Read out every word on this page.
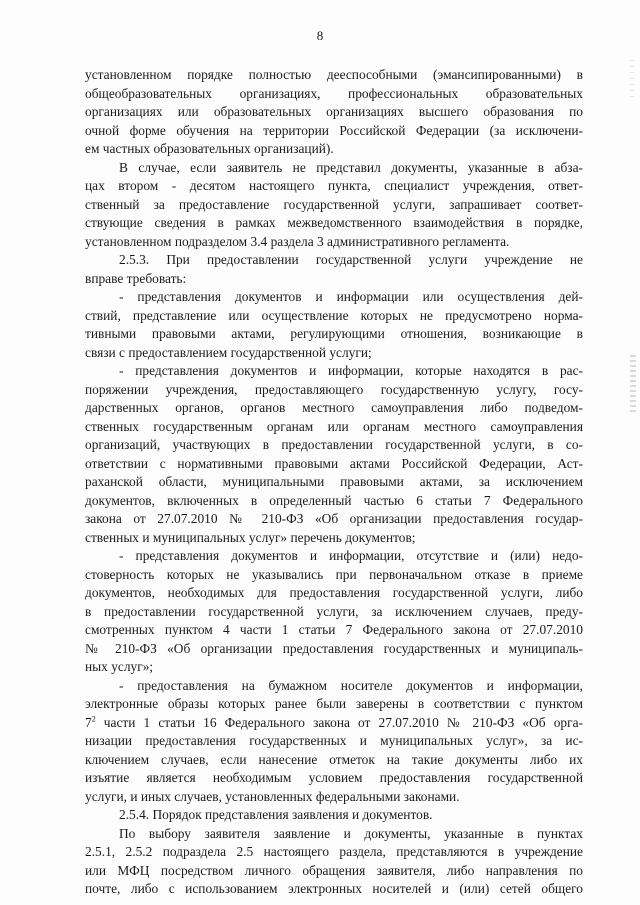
8
установленном порядке полностью дееспособными (эмансипированными) в
общеобразовательных организациях, профессиональных образовательных
организациях или образовательных организациях высшего образования по
очной форме обучения на территории Российской Федерации (за исключени-
ем частных образовательных организаций).
В случае, если заявитель не представил документы, указанные в абза-
цах втором - десятом настоящего пункта, специалист учреждения, ответ-
ственный за предоставление государственной услуги, запрашивает соответ-
ствующие сведения в рамках межведомственного взаимодействия в порядке,
установленном подразделом 3.4 раздела 3 административного регламента.
2.5.3. При предоставлении государственной услуги учреждение не
вправе требовать:
- представления документов и информации или осуществления дей-
ствий, представление или осуществление которых не предусмотрено норма-
тивными правовыми актами, регулирующими отношения, возникающие в
связи с предоставлением государственной услуги;
- представления документов и информации, которые находятся в рас-
поряжении учреждения, предоставляющего государственную услугу, госу-
дарственных органов, органов местного самоуправления либо подведом-
ственных государственным органам или органам местного самоуправления
организаций, участвующих в предоставлении государственной услуги, в со-
ответствии с нормативными правовыми актами Российской Федерации, Аст-
раханской области, муниципальными правовыми актами, за исключением
документов, включенных в определенный частью 6 статьи 7 Федерального
закона от 27.07.2010 № 210-ФЗ «Об организации предоставления государ-
ственных и муниципальных услуг» перечень документов;
- представления документов и информации, отсутствие и (или) недо-
стоверность которых не указывались при первоначальном отказе в приеме
документов, необходимых для предоставления государственной услуги, либо
в предоставлении государственной услуги, за исключением случаев, преду-
смотренных пунктом 4 части 1 статьи 7 Федерального закона от 27.07.2010
№ 210-ФЗ «Об организации предоставления государственных и муниципаль-
ных услуг»;
- предоставления на бумажном носителе документов и информации,
электронные образы которых ранее были заверены в соответствии с пунктом
$7^2$ части 1 статьи 16 Федерального закона от 27.07.2010 № 210-ФЗ «Об орга-
низации предоставления государственных и муниципальных услуг», за ис-
ключением случаев, если нанесение отметок на такие документы либо их
изъятие является необходимым условием предоставления государственной
услуги, и иных случаев, установленных федеральными законами.
2.5.4. Порядок представления заявления и документов.
По выбору заявителя заявление и документы, указанные в пунктах
2.5.1, 2.5.2 подраздела 2.5 настоящего раздела, представляются в учреждение
или МФЦ посредством личного обращения заявителя, либо направления по
почте, либо с использованием электронных носителей и (или) сетей общего
